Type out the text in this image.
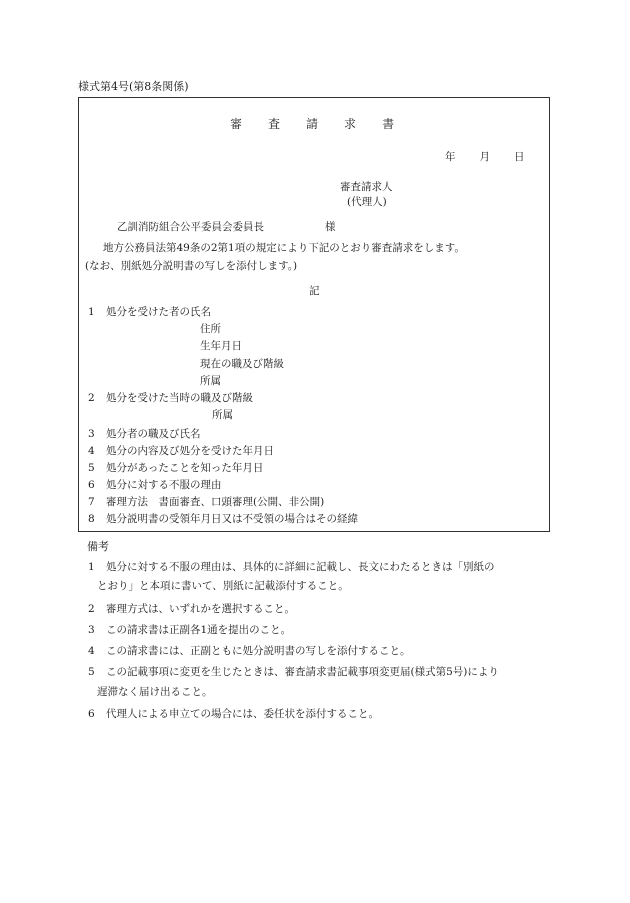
様式第4号(第8条関係)
審 査 請 求 書
年 月 日
審査請求人
(代理人)
乙訓消防組合公平委員会委員長	様
地方公務員法第49条の2第1項の規定により下記のとおり審査請求をします。
(なお、別紙処分説明書の写しを添付します。)
記
1 処分を受けた者の氏名
住所
生年月日
現在の職及び階級
所属
2 処分を受けた当時の職及び階級
所属
3 処分者の職及び氏名
4 処分の内容及び処分を受けた年月日
5 処分があったことを知った年月日
6 処分に対する不服の理由
7 審理方法　書面審査、口頭審理(公開、非公開)
8 処分説明書の受領年月日又は不受領の場合はその経緯
備考
1 処分に対する不服の理由は、具体的に詳細に記載し、長文にわたるときは「別紙の
とおり」と本項に書いて、別紙に記載添付すること。
2 審理方式は、いずれかを選択すること。
3 この請求書は正副各1通を提出のこと。
4 この請求書には、正副ともに処分説明書の写しを添付すること。
5 この記載事項に変更を生じたときは、審査請求書記載事項変更届(様式第5号)により
遅滞なく届け出ること。
6 代理人による申立ての場合には、委任状を添付すること。
